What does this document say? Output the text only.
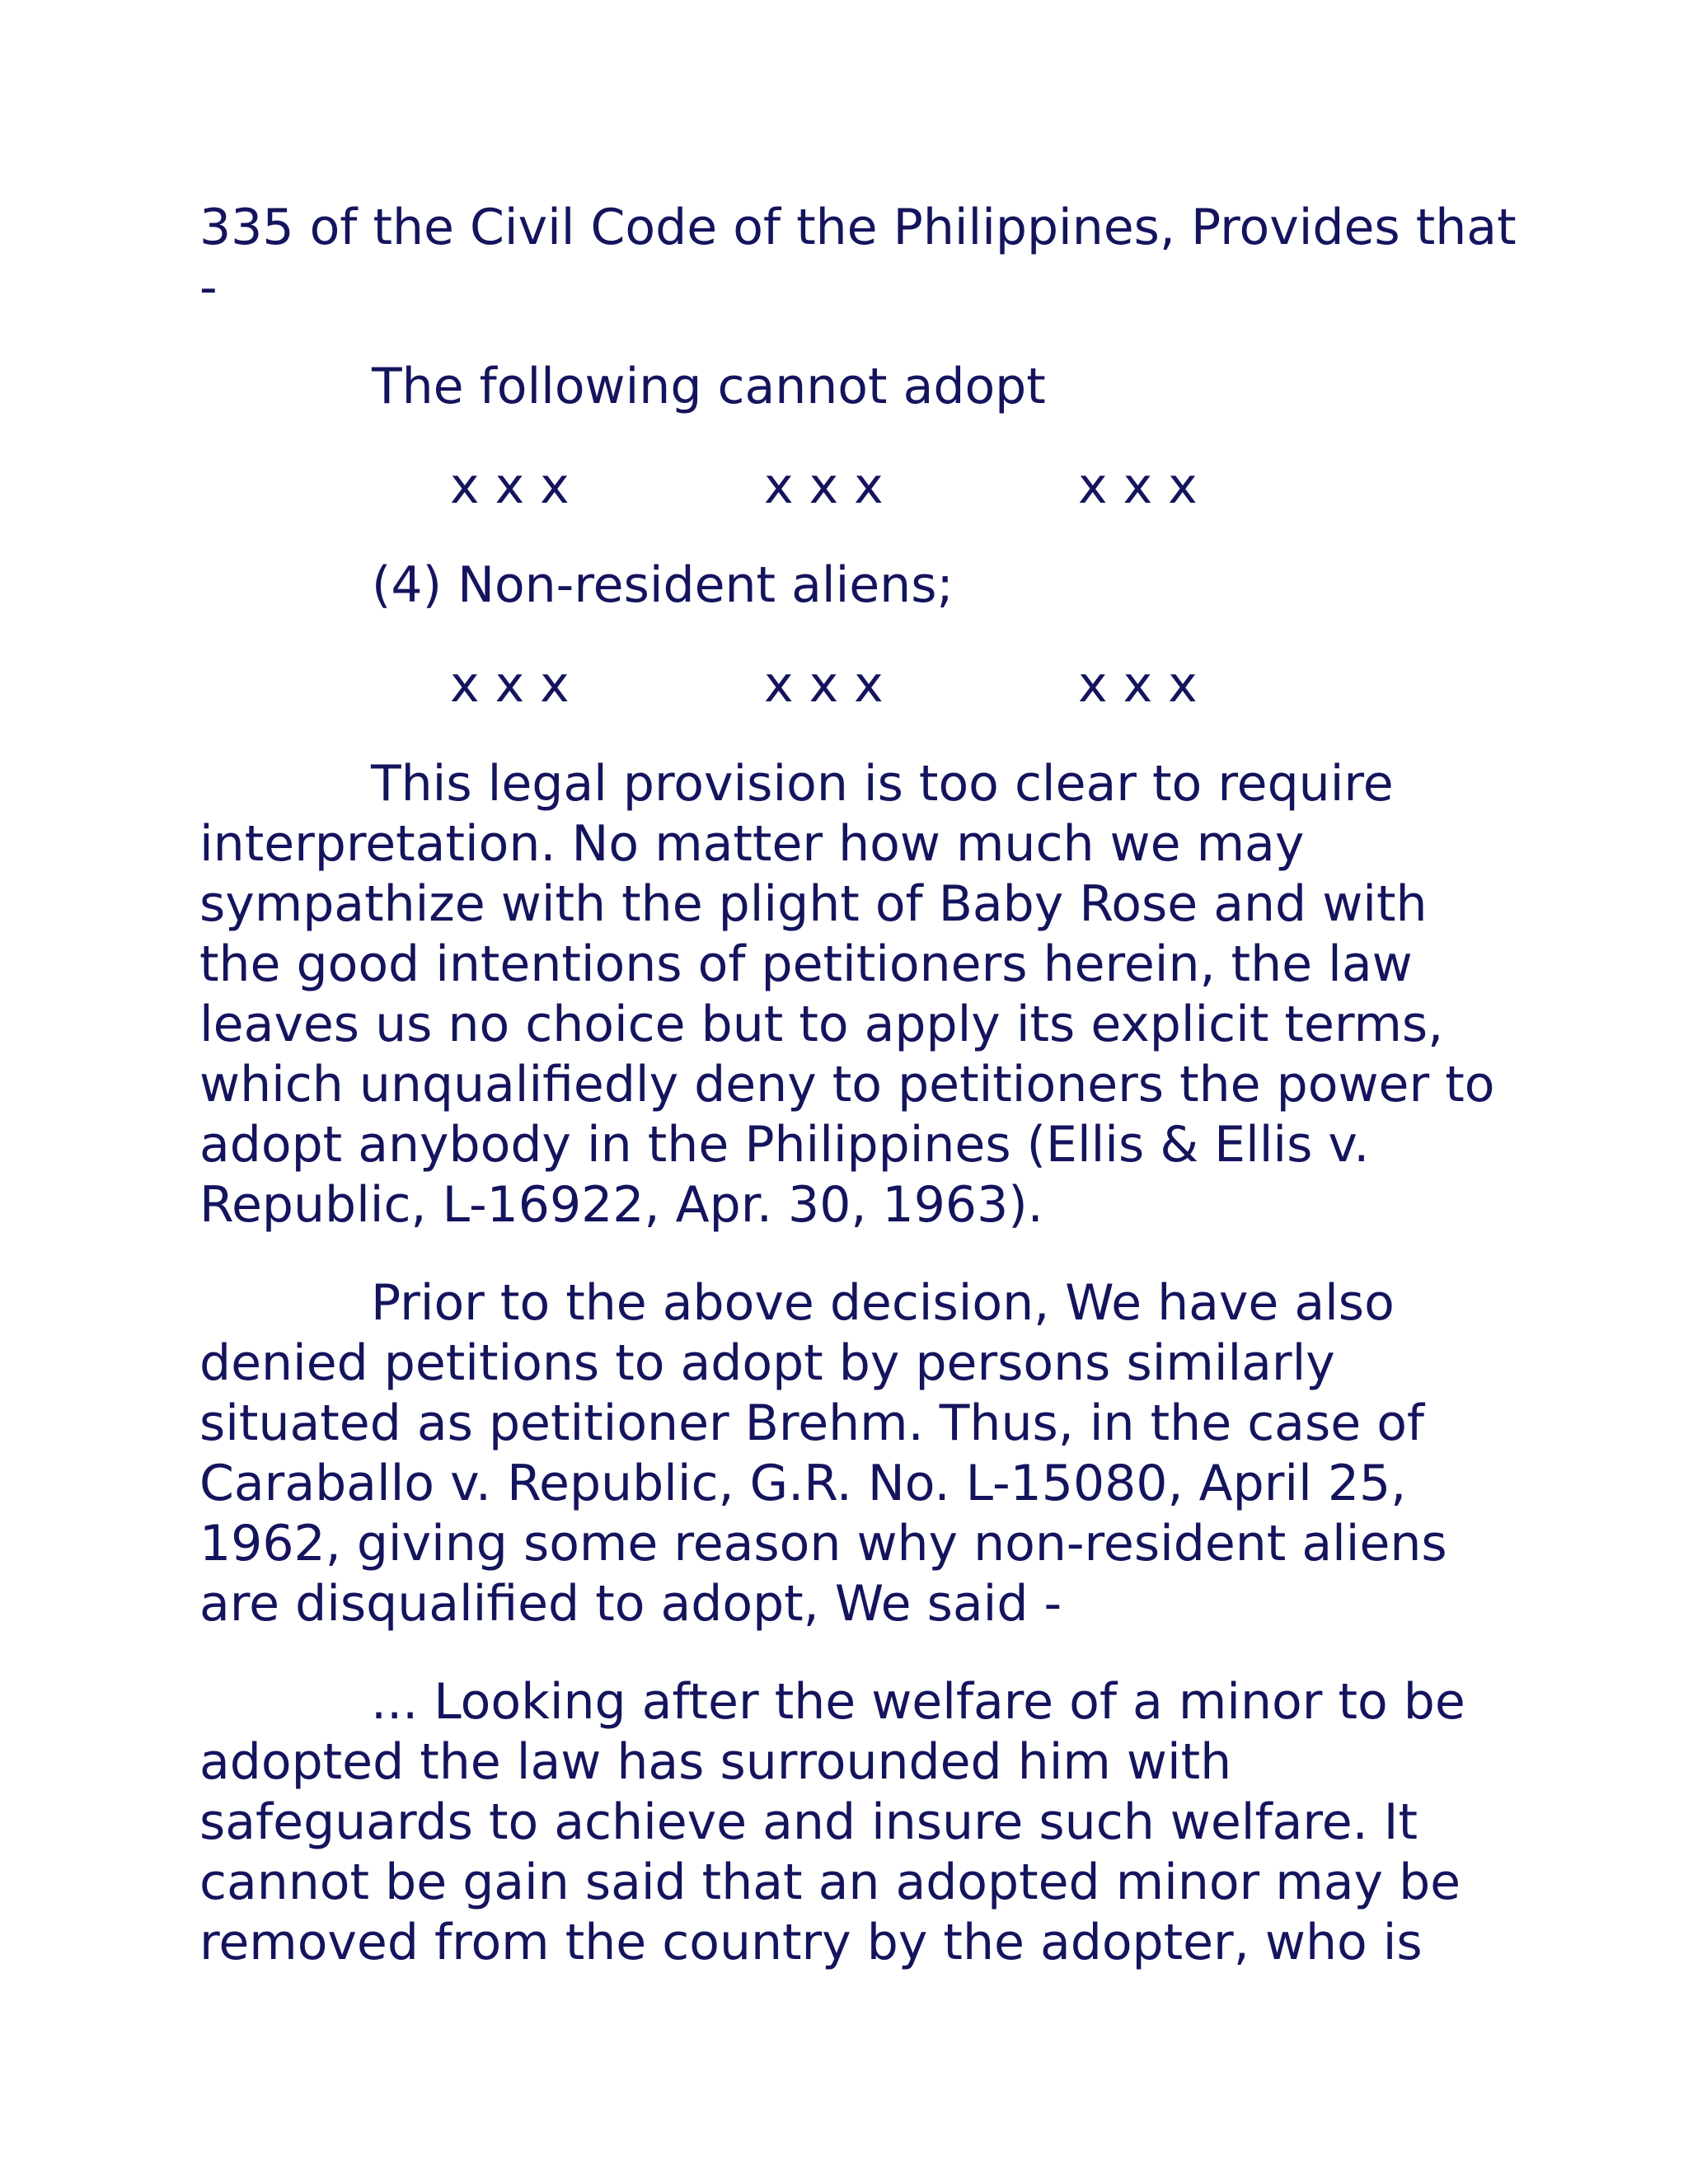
335 of the Civil Code of the Philippines, Provides that -

The following cannot adopt

x x x	x x x	x x x

(4) Non-resident aliens;

x x x	x x x	x x x

This legal provision is too clear to require interpretation. No matter how much we may sympathize with the plight of Baby Rose and with the good intentions of petitioners herein, the law leaves us no choice but to apply its explicit terms, which unqualifiedly deny to petitioners the power to adopt anybody in the Philippines (Ellis & Ellis v. Republic, L-16922, Apr. 30, 1963).

Prior to the above decision, We have also denied petitions to adopt by persons similarly situated as petitioner Brehm. Thus, in the case of Caraballo v. Republic, G.R. No. L-15080, April 25, 1962, giving some reason why non-resident aliens are disqualified to adopt, We said -

... Looking after the welfare of a minor to be adopted the law has surrounded him with safeguards to achieve and insure such welfare. It cannot be gain said that an adopted minor may be removed from the country by the adopter, who is
